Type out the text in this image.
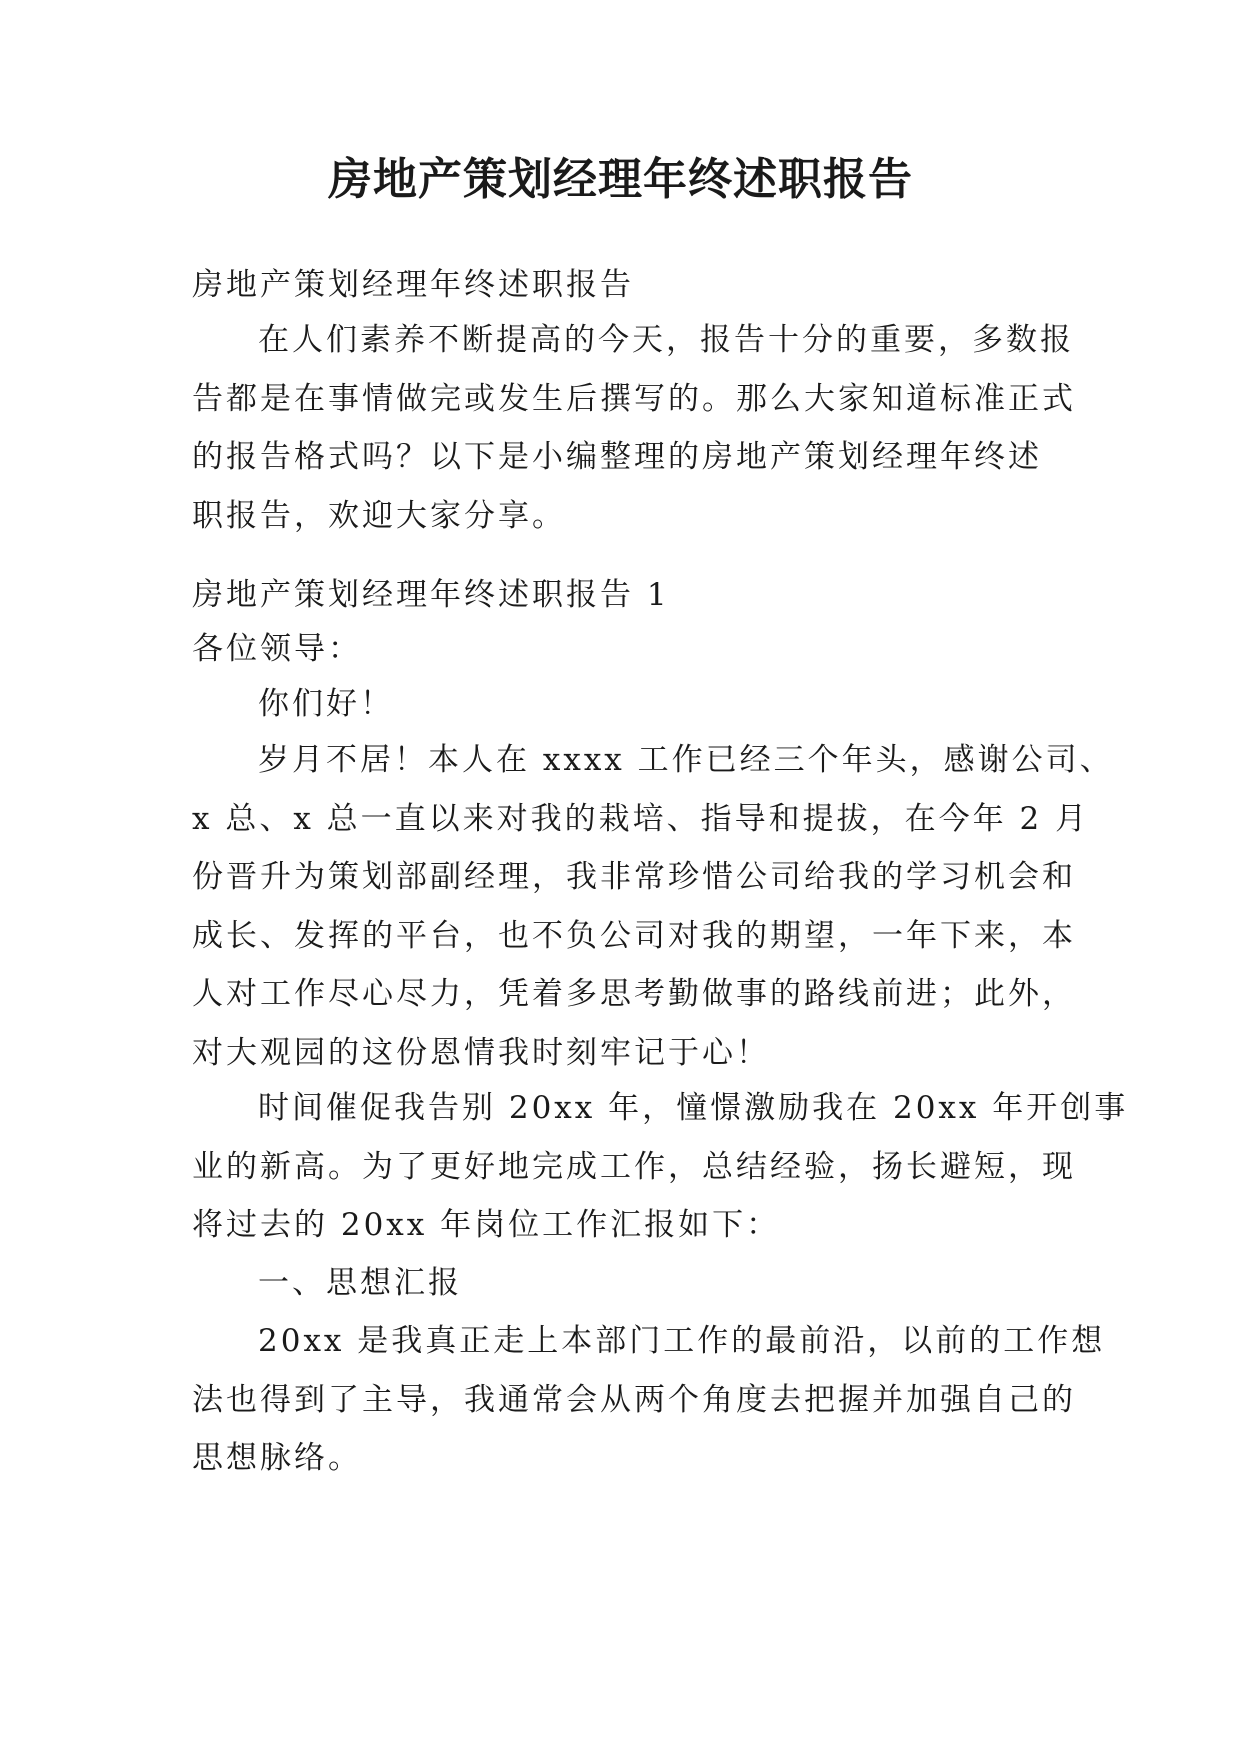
房地产策划经理年终述职报告

房地产策划经理年终述职报告

在人们素养不断提高的今天，报告十分的重要，多数报
告都是在事情做完或发生后撰写的。那么大家知道标准正式
的报告格式吗？以下是小编整理的房地产策划经理年终述
职报告，欢迎大家分享。

房地产策划经理年终述职报告 1

各位领导：

你们好！

岁月不居！本人在 xxxx 工作已经三个年头，感谢公司、
x 总、x 总一直以来对我的栽培、指导和提拔，在今年 2 月
份晋升为策划部副经理，我非常珍惜公司给我的学习机会和
成长、发挥的平台，也不负公司对我的期望，一年下来，本
人对工作尽心尽力，凭着多思考勤做事的路线前进；此外，
对大观园的这份恩情我时刻牢记于心！

时间催促我告别 20xx 年，憧憬激励我在 20xx 年开创事
业的新高。为了更好地完成工作，总结经验，扬长避短，现
将过去的 20xx 年岗位工作汇报如下：

一、思想汇报

20xx 是我真正走上本部门工作的最前沿，以前的工作想
法也得到了主导，我通常会从两个角度去把握并加强自己的
思想脉络。
